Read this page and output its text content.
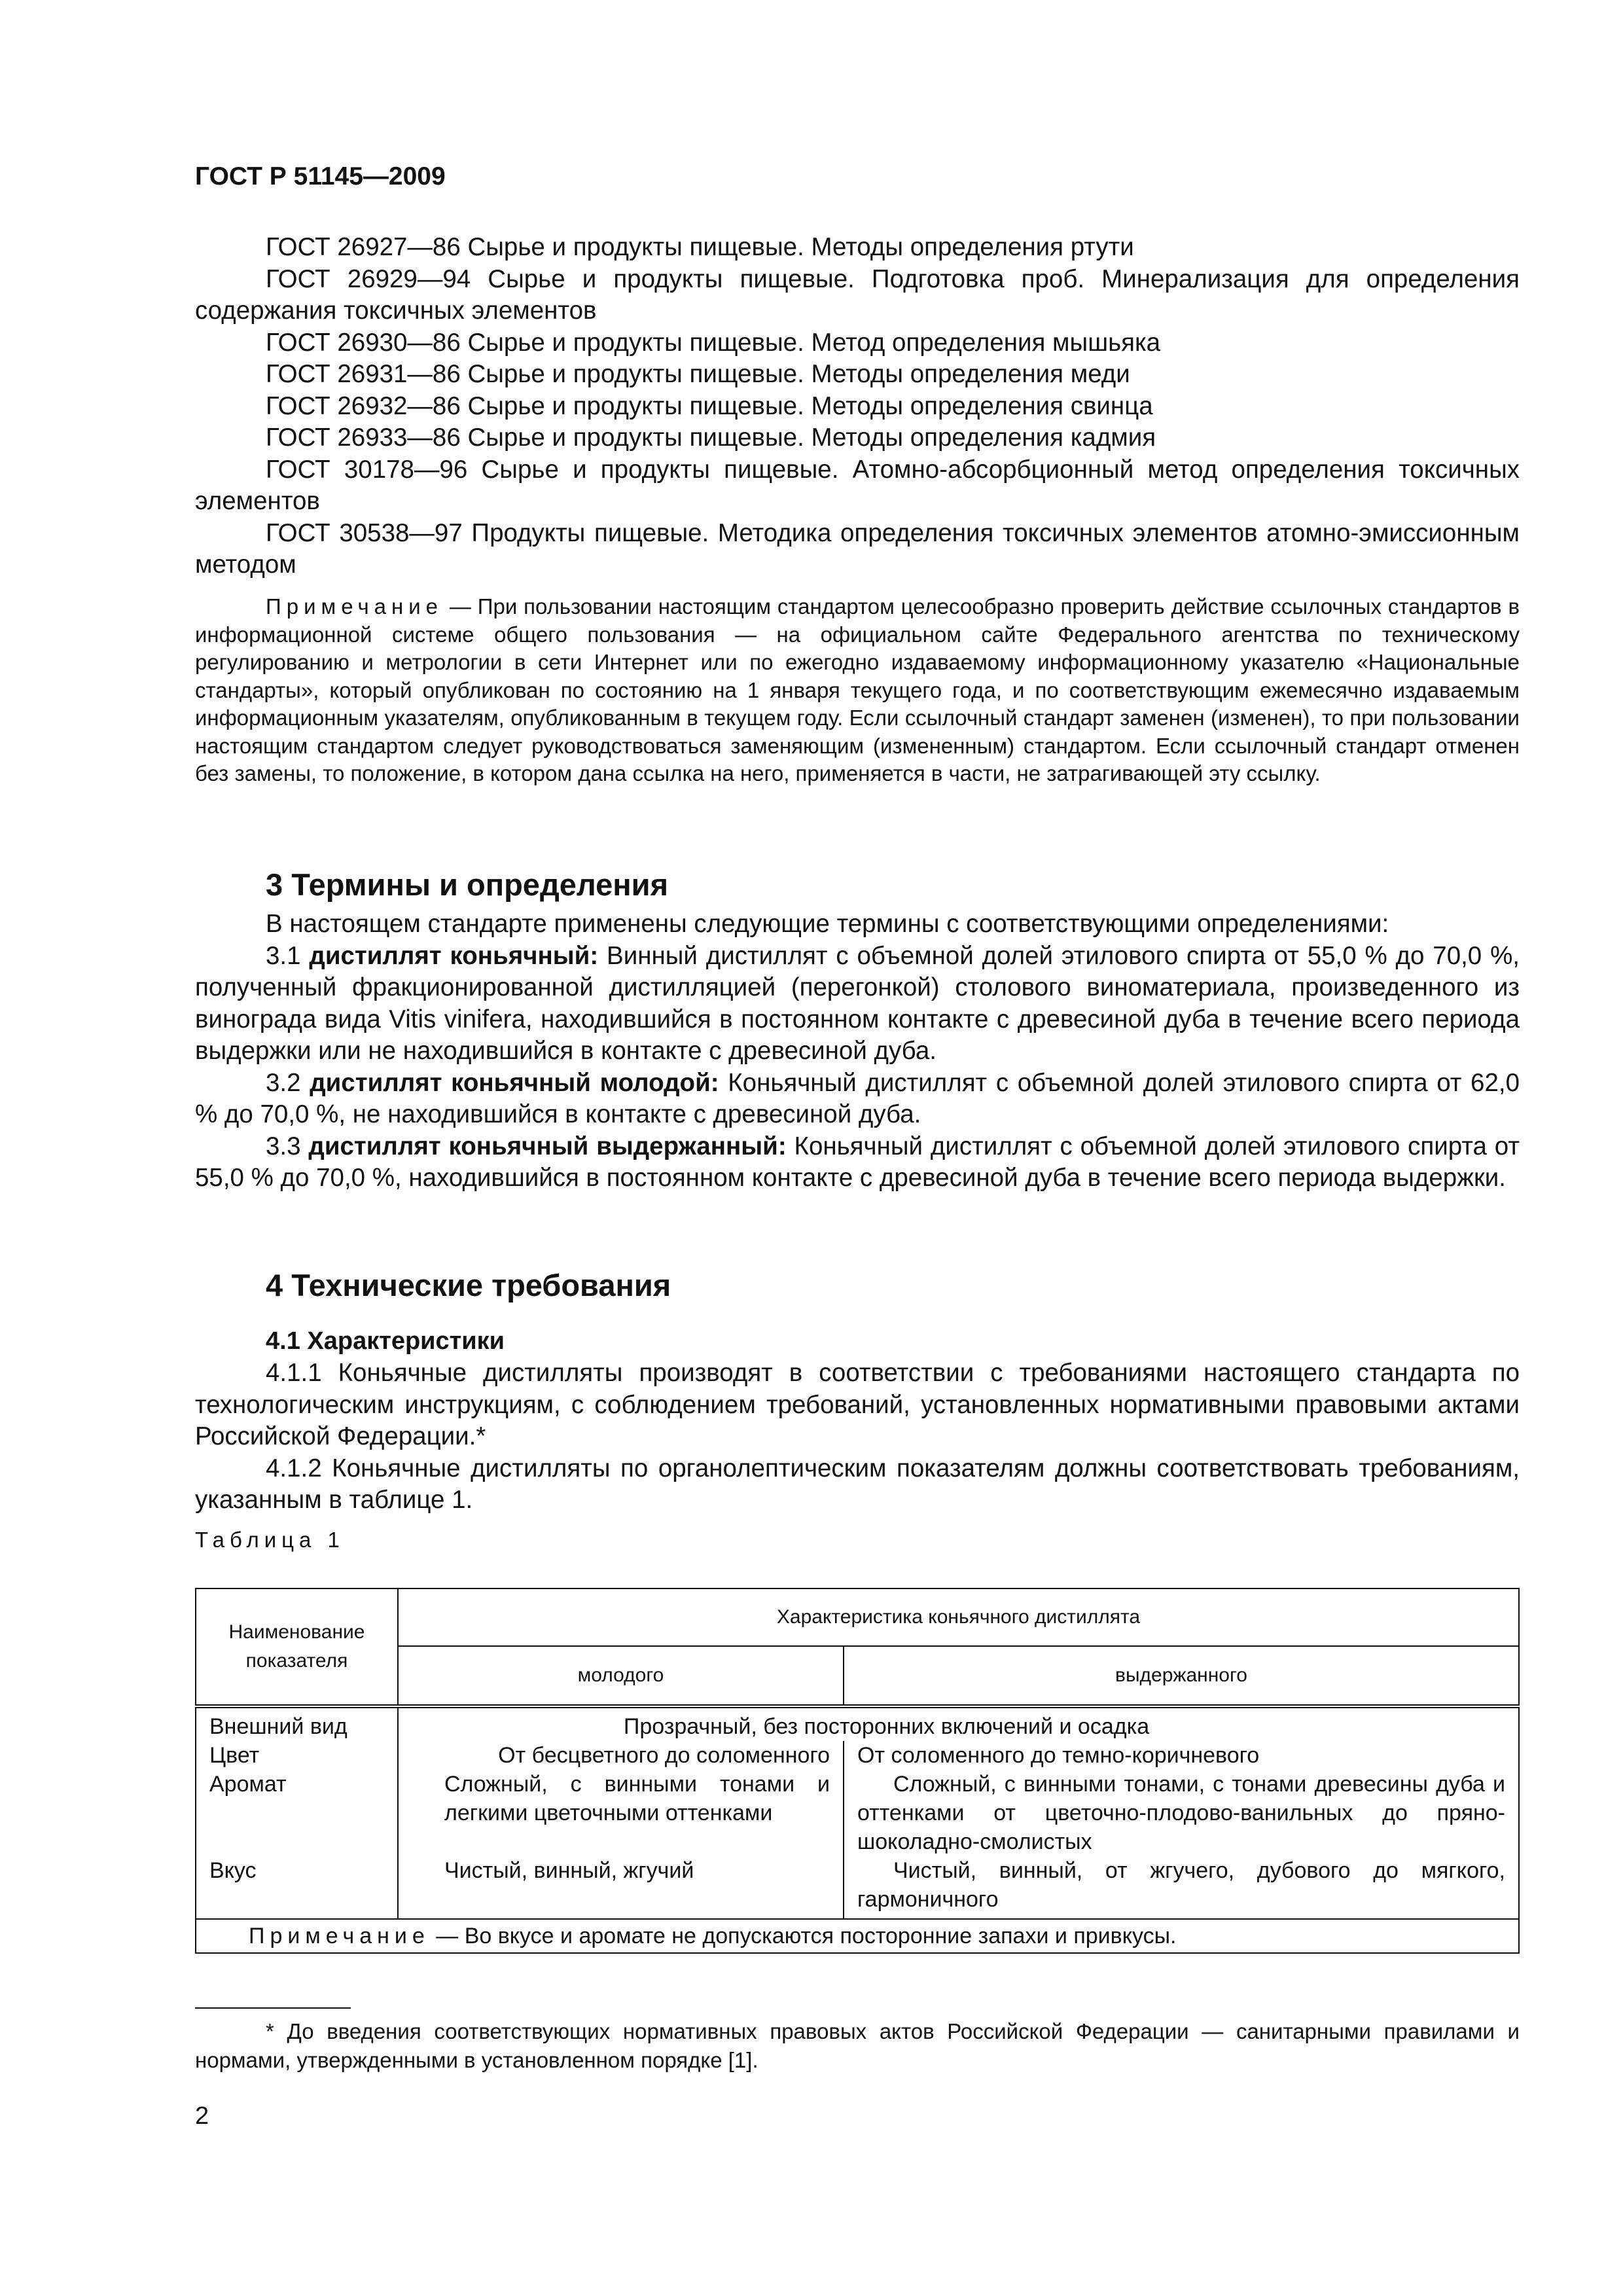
ГОСТ Р 51145—2009

ГОСТ 26927—86 Сырье и продукты пищевые. Методы определения ртути

ГОСТ 26929—94 Сырье и продукты пищевые. Подготовка проб. Минерализация для определения содержания токсичных элементов

ГОСТ 26930—86 Сырье и продукты пищевые. Метод определения мышьяка

ГОСТ 26931—86 Сырье и продукты пищевые. Методы определения меди

ГОСТ 26932—86 Сырье и продукты пищевые. Методы определения свинца

ГОСТ 26933—86 Сырье и продукты пищевые. Методы определения кадмия

ГОСТ 30178—96 Сырье и продукты пищевые. Атомно-абсорбционный метод определения токсичных элементов

ГОСТ 30538—97 Продукты пищевые. Методика определения токсичных элементов атомно-эмиссионным методом

Примечание — При пользовании настоящим стандартом целесообразно проверить действие ссылочных стандартов в информационной системе общего пользования — на официальном сайте Федерального агентства по техническому регулированию и метрологии в сети Интернет или по ежегодно издаваемому информационному указателю «Национальные стандарты», который опубликован по состоянию на 1 января текущего года, и по соответствующим ежемесячно издаваемым информационным указателям, опубликованным в текущем году. Если ссылочный стандарт заменен (изменен), то при пользовании настоящим стандартом следует руководствоваться заменяющим (измененным) стандартом. Если ссылочный стандарт отменен без замены, то положение, в котором дана ссылка на него, применяется в части, не затрагивающей эту ссылку.

3 Термины и определения

В настоящем стандарте применены следующие термины с соответствующими определениями:

3.1 дистиллят коньячный: Винный дистиллят с объемной долей этилового спирта от 55,0 % до 70,0 %, полученный фракционированной дистилляцией (перегонкой) столового виноматериала, произведенного из винограда вида Vitis vinifera, находившийся в постоянном контакте с древесиной дуба в течение всего периода выдержки или не находившийся в контакте с древесиной дуба.

3.2 дистиллят коньячный молодой: Коньячный дистиллят с объемной долей этилового спирта от 62,0 % до 70,0 %, не находившийся в контакте с древесиной дуба.

3.3 дистиллят коньячный выдержанный: Коньячный дистиллят с объемной долей этилового спирта от 55,0 % до 70,0 %, находившийся в постоянном контакте с древесиной дуба в течение всего периода выдержки.

4 Технические требования
4.1 Характеристики

4.1.1 Коньячные дистилляты производят в соответствии с требованиями настоящего стандарта по технологическим инструкциям, с соблюдением требований, установленных нормативными правовыми актами Российской Федерации.*

4.1.2 Коньячные дистилляты по органолептическим показателям должны соответствовать требованиям, указанным в таблице 1.

Таблица 1

Наименование показателя	Характеристика коньячного дистиллята	
	молодого	выдержанного
Внешний вид	Прозрачный, без посторонних включений и осадка	
Цвет	От бесцветного до соломенного	От соломенного до темно-коричневого
Аромат	Сложный, с винными тонами и легкими цветочными оттенками	Сложный, с винными тонами, с тонами древесины дуба и оттенками от цветочно-плодово-ванильных до пряно-шоколадно-смолистых
Вкус	Чистый, винный, жгучий	Чистый, винный, от жгучего, дубового до мягкого, гармоничного
Примечание — Во вкусе и аромате не допускаются посторонние запахи и привкусы.		
* До введения соответствующих нормативных правовых актов Российской Федерации — санитарными правилами и нормами, утвержденными в установленном порядке [1].
2
